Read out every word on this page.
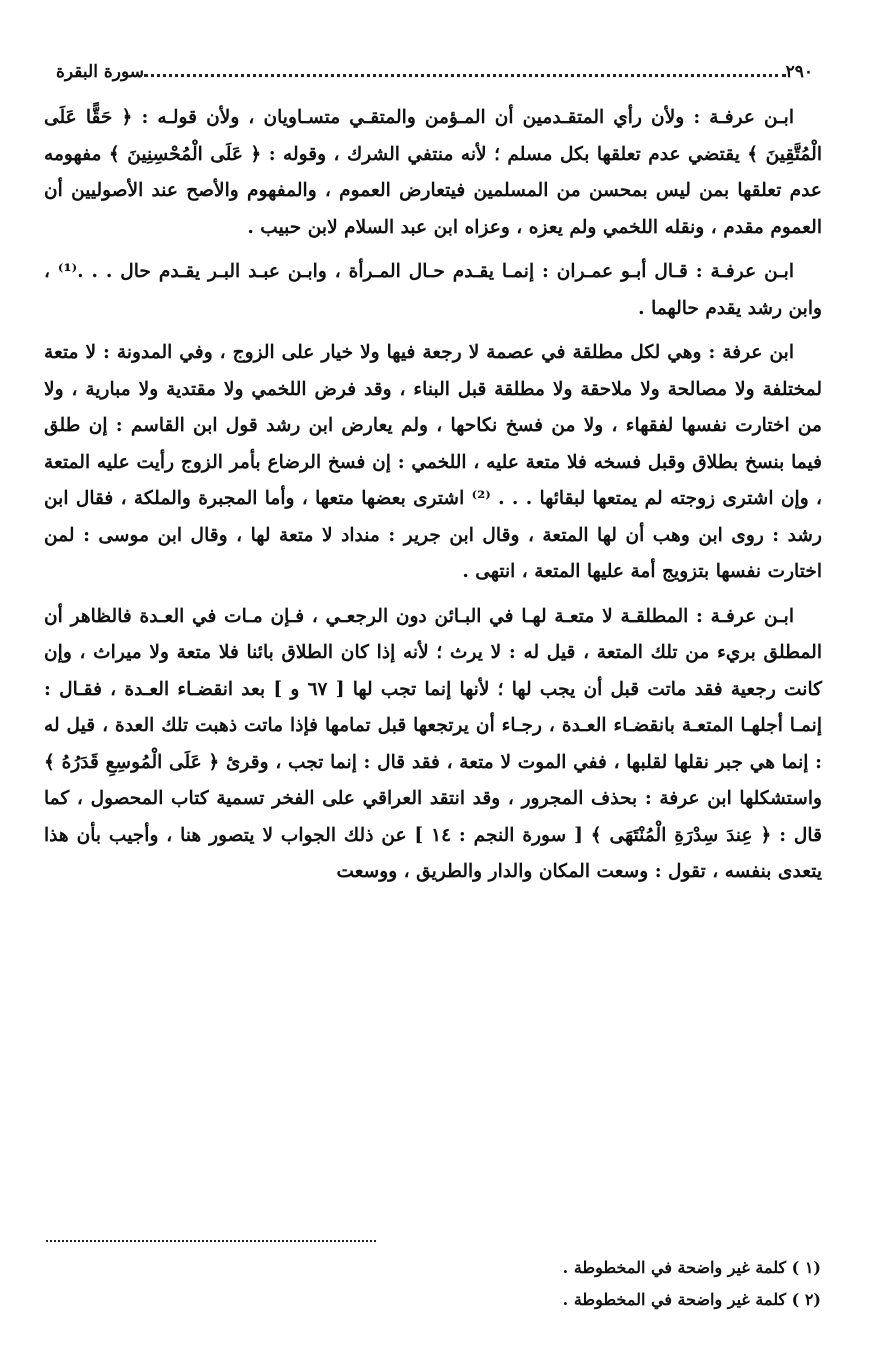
٢٩٠
سورة البقرة

ابـن عرفـة : ولأن رأي المتقـدمين أن المـؤمن والمتقـي متسـاويان ، ولأن قولـه : ﴿ حَقًّا عَلَى الْمُتَّقِينَ ﴾ يقتضي عدم تعلقها بكل مسلم ؛ لأنه منتفي الشرك ، وقوله : ﴿ عَلَى الْمُحْسِنِينَ ﴾ مفهومه عدم تعلقها بمن ليس بمحسن من المسلمين فيتعارض العموم ، والمفهوم والأصح عند الأصوليين أن العموم مقدم ، ونقله اللخمي ولم يعزه ، وعزاه ابن عبد السلام لابن حبيب .

ابـن عرفـة : قـال أبـو عمـران : إنمـا يقـدم حـال المـرأة ، وابـن عبـد البـر يقـدم حال . . .⁽¹⁾ ، وابن رشد يقدم حالهما .

ابن عرفة : وهي لكل مطلقة في عصمة لا رجعة فيها ولا خيار على الزوج ، وفي المدونة : لا متعة لمختلفة ولا مصالحة ولا ملاحقة ولا مطلقة قبل البناء ، وقد فرض اللخمي ولا مقتدية ولا مبارية ، ولا من اختارت نفسها لفقهاء ، ولا من فسخ نكاحها ، ولم يعارض ابن رشد قول ابن القاسم : إن طلق فيما بنسخ بطلاق وقبل فسخه فلا متعة عليه ، اللخمي : إن فسخ الرضاع بأمر الزوج رأيت عليه المتعة ، وإن اشترى زوجته لم يمتعها لبقائها . . . ⁽²⁾ اشترى بعضها متعها ، وأما المجبرة والملكة ، فقال ابن رشد : روى ابن وهب أن لها المتعة ، وقال ابن جرير : منداد لا متعة لها ، وقال ابن موسى : لمن اختارت نفسها بتزويج أمة عليها المتعة ، انتهى .

ابـن عرفـة : المطلقـة لا متعـة لهـا في البـائن دون الرجعـي ، فـإن مـات في العـدة فالظاهر أن المطلق بريء من تلك المتعة ، قيل له : لا يرث ؛ لأنه إذا كان الطلاق بائنا فلا متعة ولا ميراث ، وإن كانت رجعية فقد ماتت قبل أن يجب لها ؛ لأنها إنما تجب لها [ ٦٧ و ] بعد انقضـاء العـدة ، فقـال : إنمـا أجلهـا المتعـة بانقضـاء العـدة ، رجـاء أن يرتجعها قبل تمامها فإذا ماتت ذهبت تلك العدة ، قيل له : إنما هي جبر نقلها لقلبها ، ففي الموت لا متعة ، فقد قال : إنما تجب ، وقرئ ﴿ عَلَى الْمُوسِعِ قَدَرُهُ ﴾ واستشكلها ابن عرفة : بحذف المجرور ، وقد انتقد العراقي على الفخر تسمية كتاب المحصول ، كما قال : ﴿ عِندَ سِدْرَةِ الْمُنْتَهَى ﴾ [ سورة النجم : ١٤ ] عن ذلك الجواب لا يتصور هنا ، وأجيب بأن هذا يتعدى بنفسه ، تقول : وسعت المكان والدار والطريق ، ووسعت

(١ ) كلمة غير واضحة في المخطوطة .
(٢ ) كلمة غير واضحة في المخطوطة .
